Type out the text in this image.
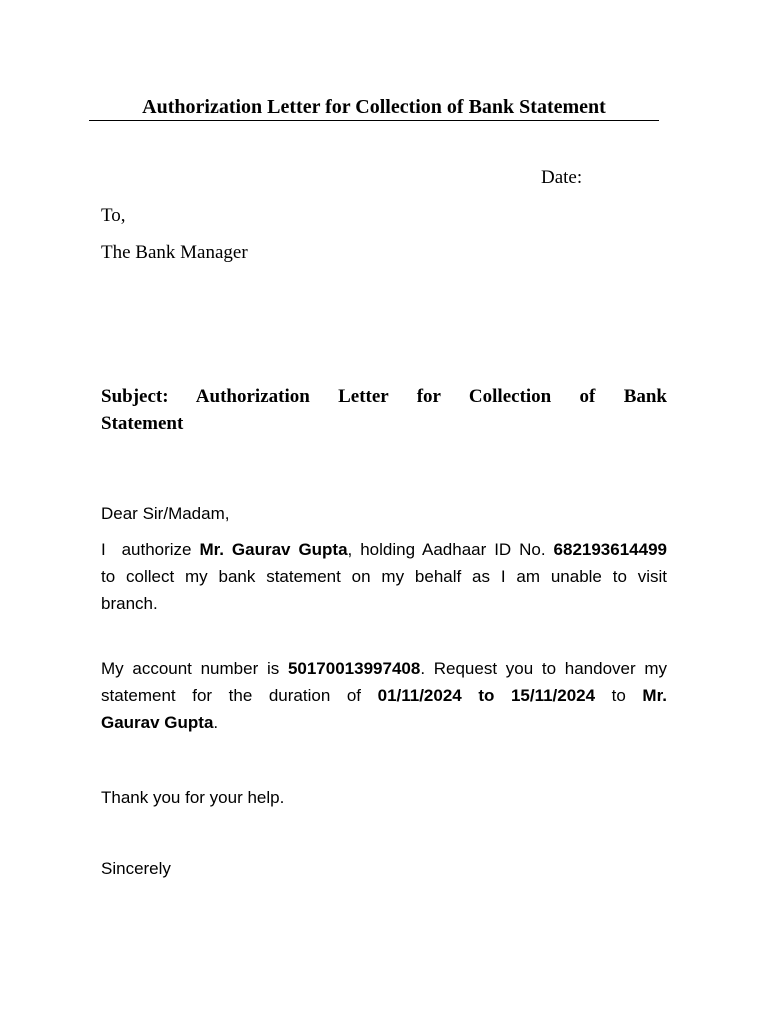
Authorization Letter for Collection of Bank Statement
Date:
To,
The Bank Manager
Subject: Authorization Letter for Collection of Bank
Statement
Dear Sir/Madam,
I  authorize Mr. Gaurav Gupta, holding Aadhaar ID No. 682193614499
to collect my bank statement on my behalf as I am unable to visit
branch.
My account number is 50170013997408. Request you to handover my
statement for the duration of 01/11/2024 to 15/11/2024 to Mr.
Gaurav Gupta.
Thank you for your help.
Sincerely
